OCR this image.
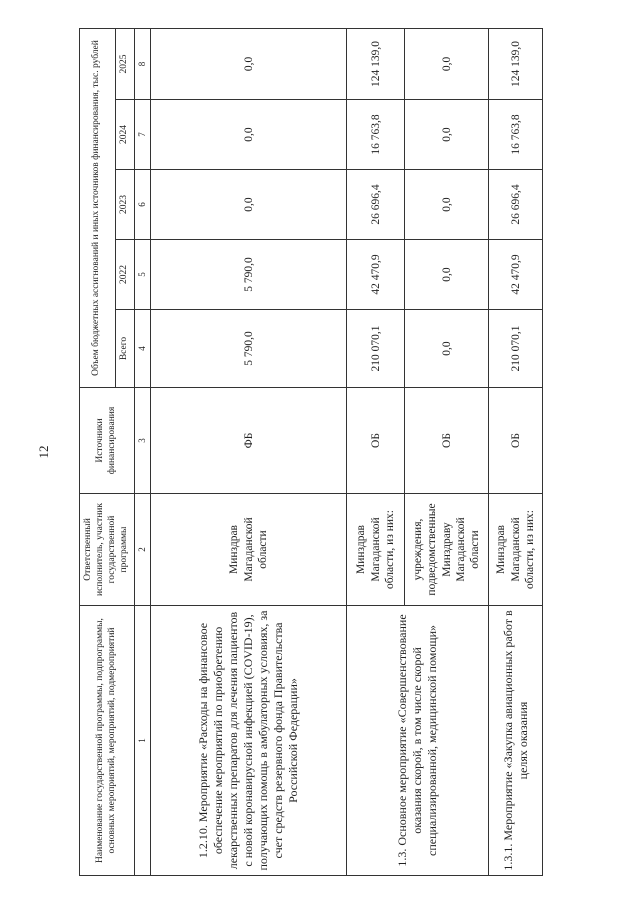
12
Наименование государственной программы, подпрограммы, основных мероприятий, мероприятий, подмероприятий	Ответственный исполнитель, участник государственной программы	Источники финансирования	Объем бюджетных ассигнований и иных источников финансирования, тыс. рублей				
			Всего	2022	2023	2024	2025
1	2	3	4	5	6	7	8
1.2.10. Мероприятие «Расходы на финансовое обеспечение мероприятий по приобретению лекарственных препаратов для лечения пациентов с новой коронавирусной инфекцией (COVID-19), получающих помощь в амбулаторных условиях, за счет средств резервного фонда Правительства Российской Федерации»	Минздрав Магаданской области	ФБ	5 790,0	5 790,0	0,0	0,0	0,0
1.3. Основное мероприятие «Совершенствование оказания скорой, в том числе скорой специализированной, медицинской помощи»	Минздрав Магаданской области, из них:	ОБ	210 070,1	42 470,9	26 696,4	16 763,8	124 139,0
	учреждения, подведомственные Минздраву Магаданской области	ОБ	0,0	0,0	0,0	0,0	0,0
1.3.1. Мероприятие «Закупка авиационных работ в целях оказания	Минздрав Магаданской области, из них:	ОБ	210 070,1	42 470,9	26 696,4	16 763,8	124 139,0
